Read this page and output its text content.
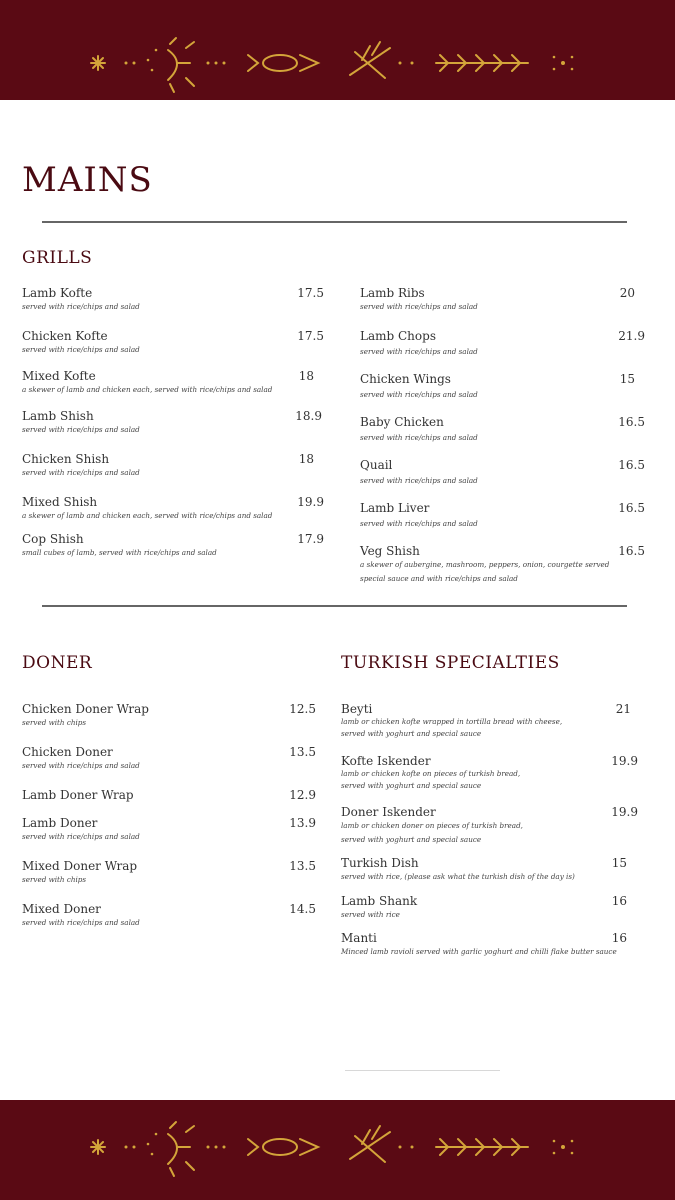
MAINS
GRILLS
Lamb Kofte
served with rice/chips and salad
17.5
Chicken Kofte
served with rice/chips and salad
17.5
Mixed Kofte
a skewer of lamb and chicken each, served with rice/chips and salad
18
Lamb Shish
served with rice/chips and salad
18.9
Chicken Shish
served with rice/chips and salad
18
Mixed Shish
a skewer of lamb and chicken each, served with rice/chips and salad
19.9
Cop Shish
small cubes of lamb, served with rice/chips and salad
17.9
Lamb Ribs
served with rice/chips and salad
20
Lamb Chops
served with rice/chips and salad
21.9
Chicken Wings
served with rice/chips and salad
15
Baby Chicken
served with rice/chips and salad
16.5
Quail
served with rice/chips and salad
16.5
Lamb Liver
served with rice/chips and salad
16.5
Veg Shish
a skewer of aubergine, mashroom, peppers, onion, courgette served
special sauce and with rice/chips and salad
16.5
DONER	TURKISH SPECIALTIES
Chicken Doner Wrap
served with chips
12.5
Chicken Doner
served with rice/chips and salad
13.5
Lamb Doner Wrap	12.9
Lamb Doner
served with rice/chips and salad
13.9
Mixed Doner Wrap
served with chips
13.5
Mixed Doner
served with rice/chips and salad
14.5
Beyti
lamb or chicken kofte wrapped in tortilla bread with cheese,
served with yoghurt and special sauce
21
Kofte Iskender
lamb or chicken kofte on pieces of turkish bread,
served with yoghurt and special sauce
19.9
Doner Iskender
lamb or chicken doner on pieces of turkish bread,
served with yoghurt and special sauce
19.9
Turkish Dish
served with rice, (please ask what the turkish dish of the day is)
15
Lamb Shank
served with rice
16
Manti
Minced lamb ravioli served with garlic yoghurt and chilli flake butter sauce
16
